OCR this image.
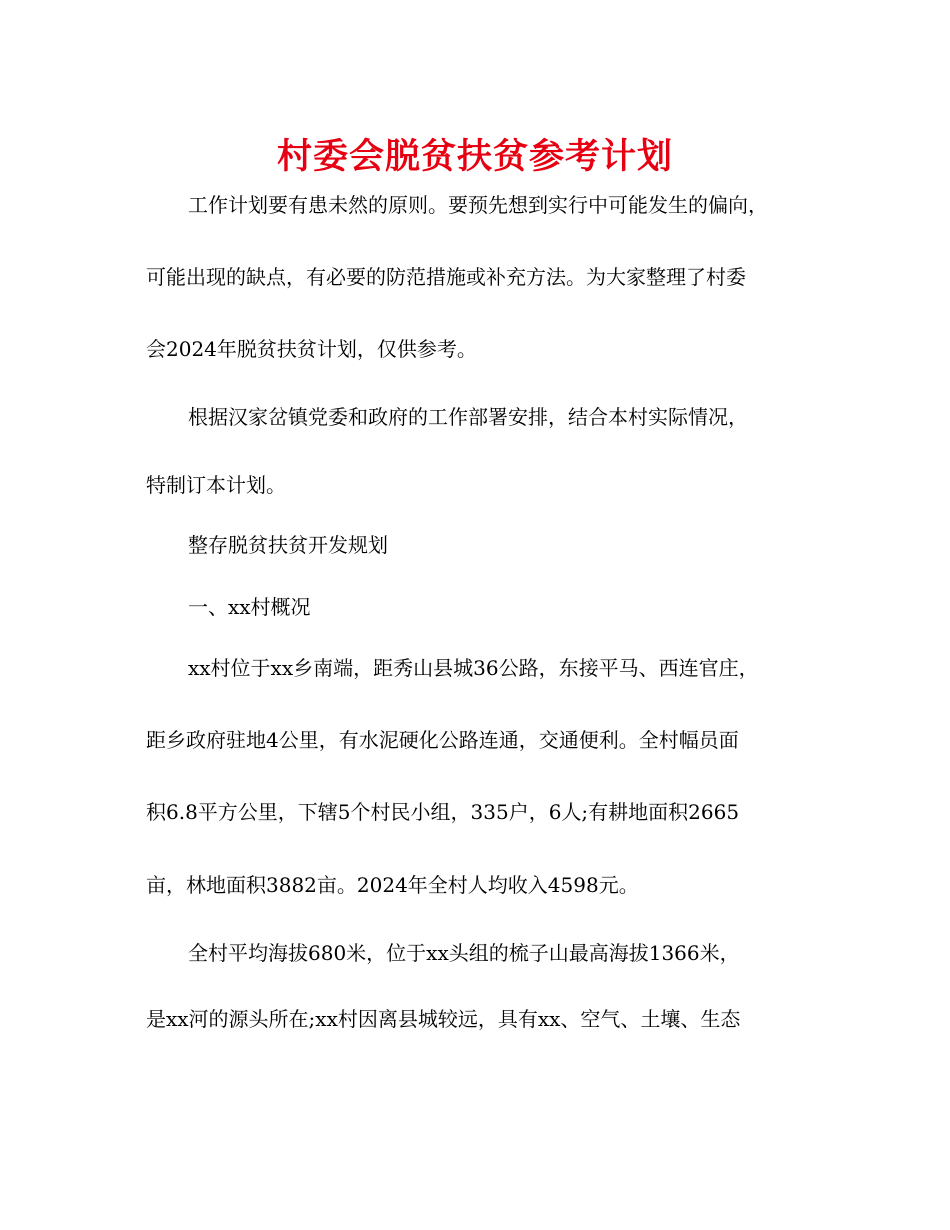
村委会脱贫扶贫参考计划

工作计划要有患未然的原则。要预先想到实行中可能发生的偏向，

可能出现的缺点，有必要的防范措施或补充方法。为大家整理了村委

会2024年脱贫扶贫计划，仅供参考。

根据汉家岔镇党委和政府的工作部署安排，结合本村实际情况，

特制订本计划。

整存脱贫扶贫开发规划

一、xx村概况

xx村位于xx乡南端，距秀山县城36公路，东接平马、西连官庄，

距乡政府驻地4公里，有水泥硬化公路连通，交通便利。全村幅员面

积6.8平方公里，下辖5个村民小组，335户，6人;有耕地面积2665

亩，林地面积3882亩。2024年全村人均收入4598元。

全村平均海拔680米，位于xx头组的梳子山最高海拔1366米，

是xx河的源头所在;xx村因离县城较远，具有xx、空气、土壤、生态
